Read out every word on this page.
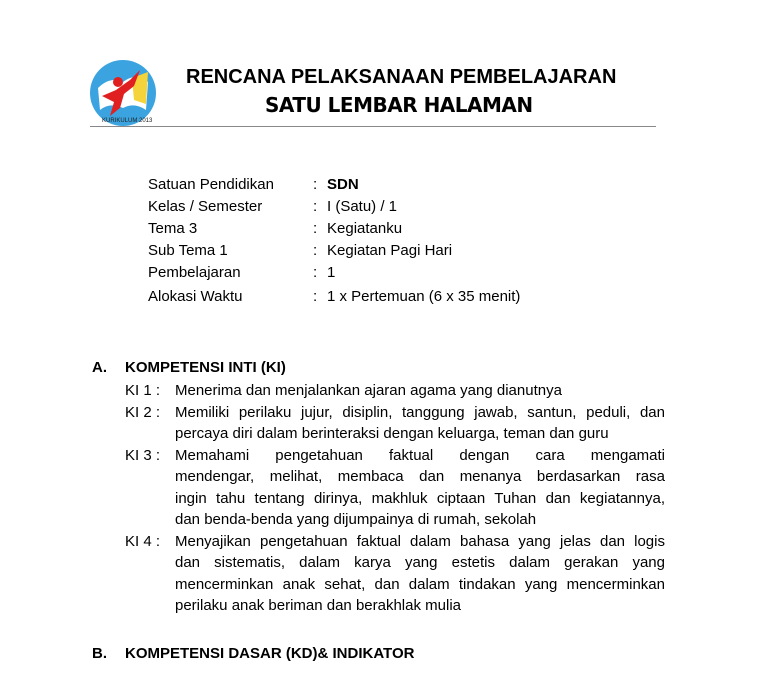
KURIKULUM 2013
RENCANA PELAKSANAAN PEMBELAJARAN
SATU LEMBAR HALAMAN
Satuan Pendidikan	: SDN
Kelas / Semester	: I (Satu) / 1
Tema 3	: Kegiatanku
Sub Tema 1	: Kegiatan Pagi Hari
Pembelajaran	: 1
Alokasi Waktu	: 1 x Pertemuan (6 x 35 menit)
A.	KOMPETENSI INTI (KI)
KI 1 : Menerima dan menjalankan ajaran agama yang dianutnya
KI 2 : Memiliki perilaku jujur, disiplin, tanggung jawab, santun, peduli, dan
percaya diri dalam berinteraksi dengan keluarga, teman dan guru
KI 3 : Memahami pengetahuan faktual dengan cara mengamati
mendengar, melihat, membaca dan menanya berdasarkan rasa
ingin tahu tentang dirinya, makhluk ciptaan Tuhan dan kegiatannya,
dan benda-benda yang dijumpainya di rumah, sekolah
KI 4 : Menyajikan pengetahuan faktual dalam bahasa yang jelas dan logis
dan sistematis, dalam karya yang estetis dalam gerakan yang
mencerminkan anak sehat, dan dalam tindakan yang mencerminkan
perilaku anak beriman dan berakhlak mulia
B.	KOMPETENSI DASAR (KD)& INDIKATOR
